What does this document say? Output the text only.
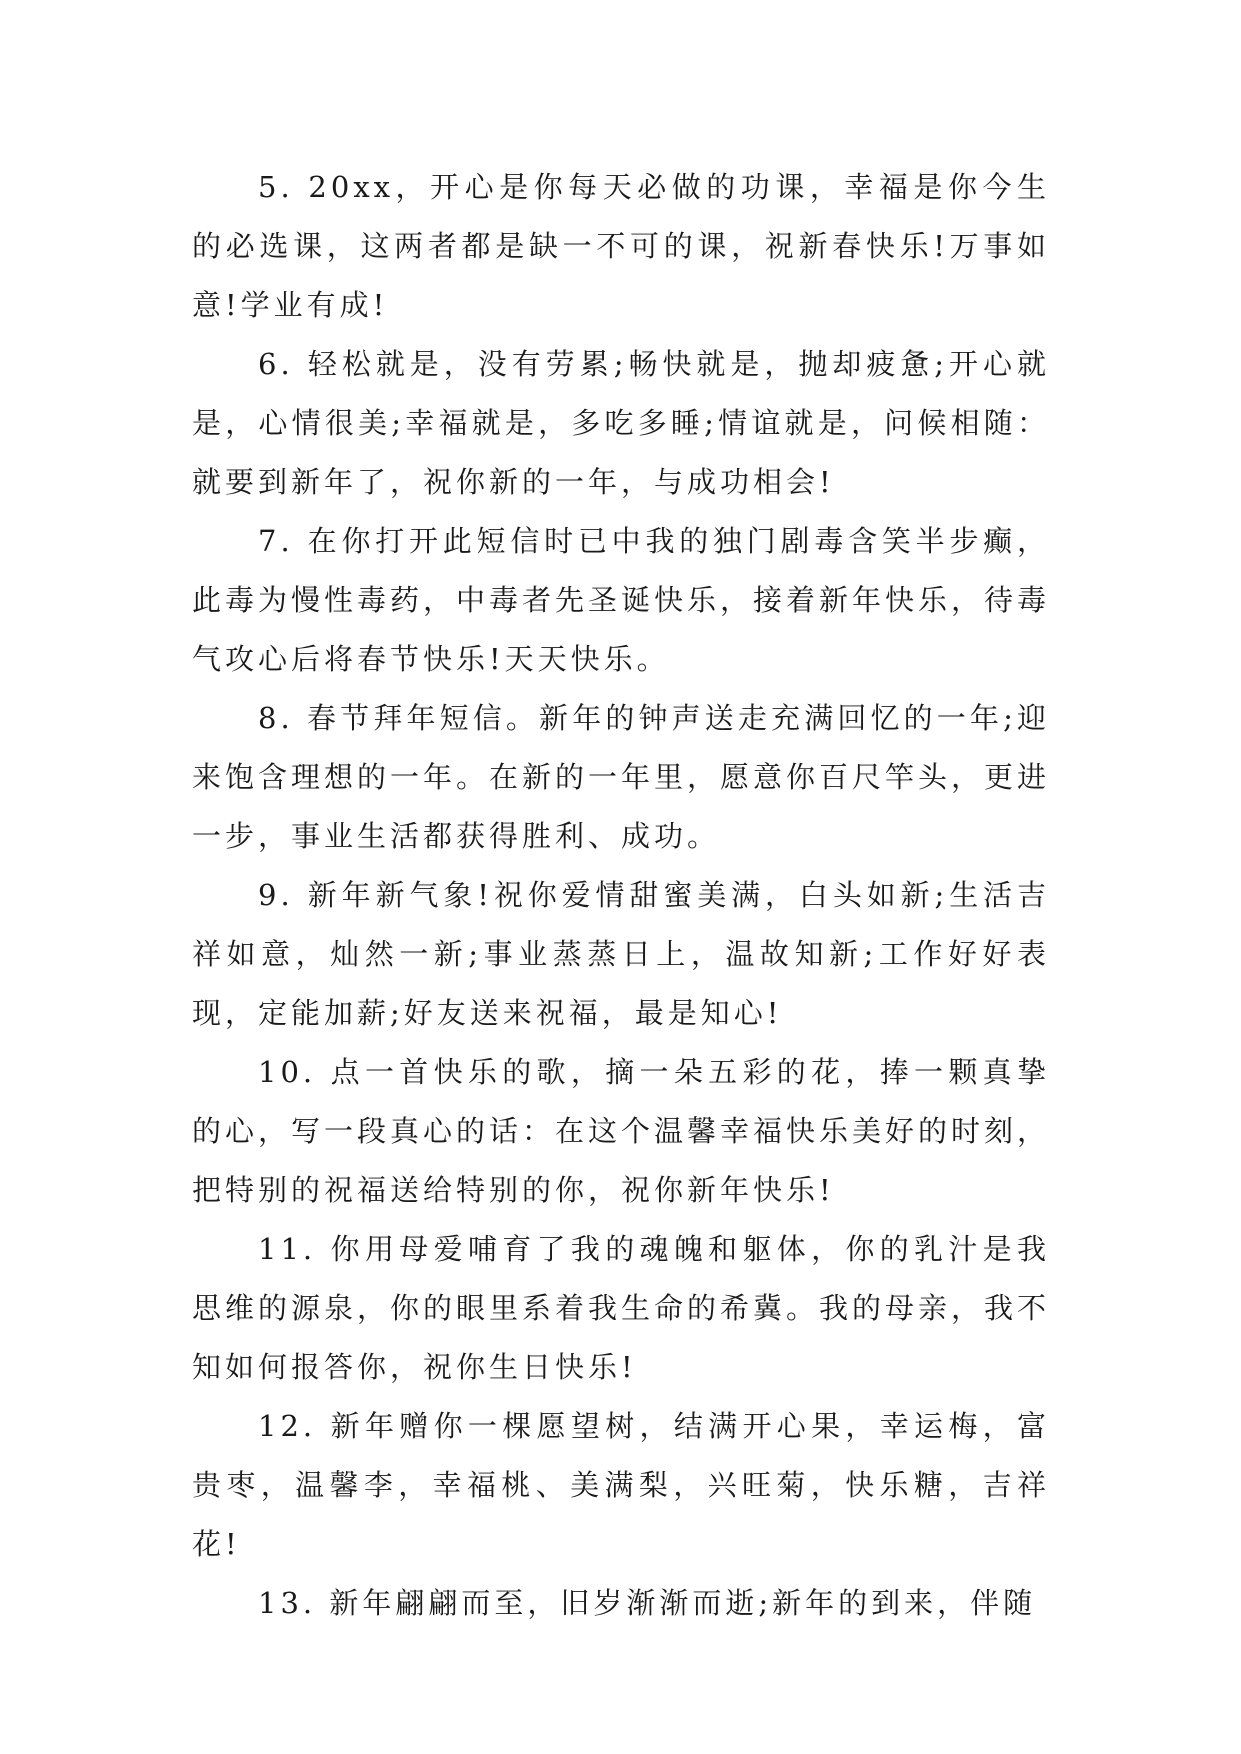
5. 20xx，开心是你每天必做的功课，幸福是你今生的必选课，这两者都是缺一不可的课，祝新春快乐!万事如意!学业有成!

6. 轻松就是，没有劳累;畅快就是，抛却疲惫;开心就是，心情很美;幸福就是，多吃多睡;情谊就是，问候相随：就要到新年了，祝你新的一年，与成功相会!

7. 在你打开此短信时已中我的独门剧毒含笑半步癫，此毒为慢性毒药，中毒者先圣诞快乐，接着新年快乐，待毒气攻心后将春节快乐!天天快乐。

8. 春节拜年短信。新年的钟声送走充满回忆的一年;迎来饱含理想的一年。在新的一年里，愿意你百尺竿头，更进一步，事业生活都获得胜利、成功。

9. 新年新气象!祝你爱情甜蜜美满，白头如新;生活吉祥如意，灿然一新;事业蒸蒸日上，温故知新;工作好好表现，定能加薪;好友送来祝福，最是知心!

10. 点一首快乐的歌，摘一朵五彩的花，捧一颗真挚的心，写一段真心的话：在这个温馨幸福快乐美好的时刻，把特别的祝福送给特别的你，祝你新年快乐!

11. 你用母爱哺育了我的魂魄和躯体，你的乳汁是我思维的源泉，你的眼里系着我生命的希冀。我的母亲，我不知如何报答你，祝你生日快乐!

12. 新年赠你一棵愿望树，结满开心果，幸运梅，富贵枣，温馨李，幸福桃、美满梨，兴旺菊，快乐糖，吉祥花!

13. 新年翩翩而至，旧岁渐渐而逝;新年的到来，伴随
